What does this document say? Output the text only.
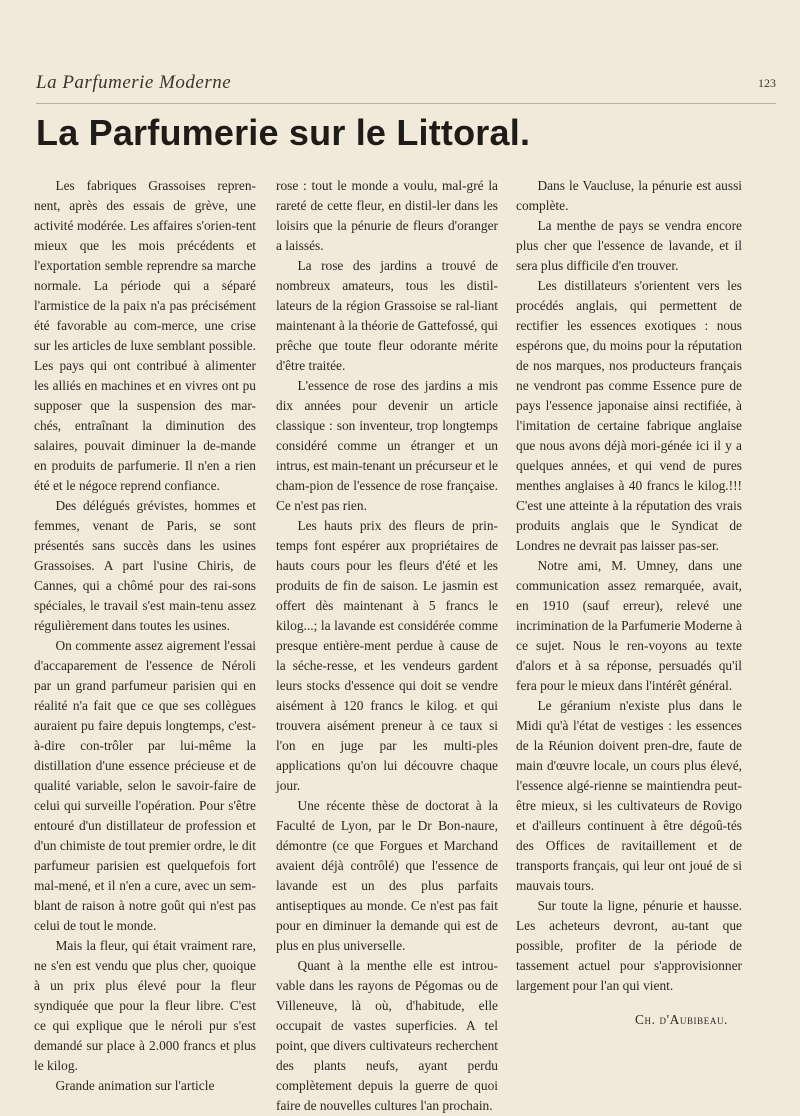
La Parfumerie Moderne	123
La Parfumerie sur le Littoral.

Les fabriques Grassoises repren-nent, après des essais de grève, une activité modérée. Les affaires s'orien-tent mieux que les mois précédents et l'exportation semble reprendre sa marche normale. La période qui a séparé l'armistice de la paix n'a pas précisément été favorable au com-merce, une crise sur les articles de luxe semblant possible. Les pays qui ont contribué à alimenter les alliés en machines et en vivres ont pu supposer que la suspension des mar-chés, entraînant la diminution des salaires, pouvait diminuer la de-mande en produits de parfumerie. Il n'en a rien été et le négoce reprend confiance.

Des délégués grévistes, hommes et femmes, venant de Paris, se sont présentés sans succès dans les usines Grassoises. A part l'usine Chiris, de Cannes, qui a chômé pour des rai-sons spéciales, le travail s'est main-tenu assez régulièrement dans toutes les usines.

On commente assez aigrement l'essai d'accaparement de l'essence de Néroli par un grand parfumeur parisien qui en réalité n'a fait que ce que ses collègues auraient pu faire depuis longtemps, c'est-à-dire con-trôler par lui-même la distillation d'une essence précieuse et de qualité variable, selon le savoir-faire de celui qui surveille l'opération. Pour s'être entouré d'un distillateur de profession et d'un chimiste de tout premier ordre, le dit parfumeur parisien est quelquefois fort mal-mené, et il n'en a cure, avec un sem-blant de raison à notre goût qui n'est pas celui de tout le monde.

Mais la fleur, qui était vraiment rare, ne s'en est vendu que plus cher, quoique à un prix plus élevé pour la fleur syndiquée que pour la fleur libre. C'est ce qui explique que le néroli pur s'est demandé sur place à 2.000 francs et plus le kilog.

Grande animation sur l'article

rose : tout le monde a voulu, mal-gré la rareté de cette fleur, en distil-ler dans les loisirs que la pénurie de fleurs d'oranger a laissés.

La rose des jardins a trouvé de nombreux amateurs, tous les distil-lateurs de la région Grassoise se ral-liant maintenant à la théorie de Gattefossé, qui prêche que toute fleur odorante mérite d'être traitée.

L'essence de rose des jardins a mis dix années pour devenir un article classique : son inventeur, trop longtemps considéré comme un étranger et un intrus, est main-tenant un précurseur et le cham-pion de l'essence de rose française. Ce n'est pas rien.

Les hauts prix des fleurs de prin-temps font espérer aux propriétaires de hauts cours pour les fleurs d'été et les produits de fin de saison. Le jasmin est offert dès maintenant à 5 francs le kilog...; la lavande est considérée comme presque entière-ment perdue à cause de la séche-resse, et les vendeurs gardent leurs stocks d'essence qui doit se vendre aisément à 120 francs le kilog. et qui trouvera aisément preneur à ce taux si l'on en juge par les multi-ples applications qu'on lui découvre chaque jour.

Une récente thèse de doctorat à la Faculté de Lyon, par le Dr Bon-naure, démontre (ce que Forgues et Marchand avaient déjà contrôlé) que l'essence de lavande est un des plus parfaits antiseptiques au monde. Ce n'est pas fait pour en diminuer la demande qui est de plus en plus universelle.

Quant à la menthe elle est introu-vable dans les rayons de Pégomas ou de Villeneuve, là où, d'habitude, elle occupait de vastes superficies. A tel point, que divers cultivateurs recherchent des plants neufs, ayant perdu complètement depuis la guerre de quoi faire de nouvelles cultures l'an prochain.

Dans le Vaucluse, la pénurie est aussi complète.

La menthe de pays se vendra encore plus cher que l'essence de lavande, et il sera plus difficile d'en trouver.

Les distillateurs s'orientent vers les procédés anglais, qui permettent de rectifier les essences exotiques : nous espérons que, du moins pour la réputation de nos marques, nos producteurs français ne vendront pas comme Essence pure de pays l'essence japonaise ainsi rectifiée, à l'imitation de certaine fabrique anglaise que nous avons déjà mori-génée ici il y a quelques années, et qui vend de pures menthes anglaises à 40 francs le kilog.!!! C'est une atteinte à la réputation des vrais produits anglais que le Syndicat de Londres ne devrait pas laisser pas-ser.

Notre ami, M. Umney, dans une communication assez remarquée, avait, en 1910 (sauf erreur), relevé une incrimination de la Parfumerie Moderne à ce sujet. Nous le ren-voyons au texte d'alors et à sa réponse, persuadés qu'il fera pour le mieux dans l'intérêt général.

Le géranium n'existe plus dans le Midi qu'à l'état de vestiges : les essences de la Réunion doivent pren-dre, faute de main d'œuvre locale, un cours plus élevé, l'essence algé-rienne se maintiendra peut-être mieux, si les cultivateurs de Rovigo et d'ailleurs continuent à être dégoû-tés des Offices de ravitaillement et de transports français, qui leur ont joué de si mauvais tours.

Sur toute la ligne, pénurie et hausse. Les acheteurs devront, au-tant que possible, profiter de la période de tassement actuel pour s'approvisionner largement pour l'an qui vient.

Ch. d'Aubibeau.
